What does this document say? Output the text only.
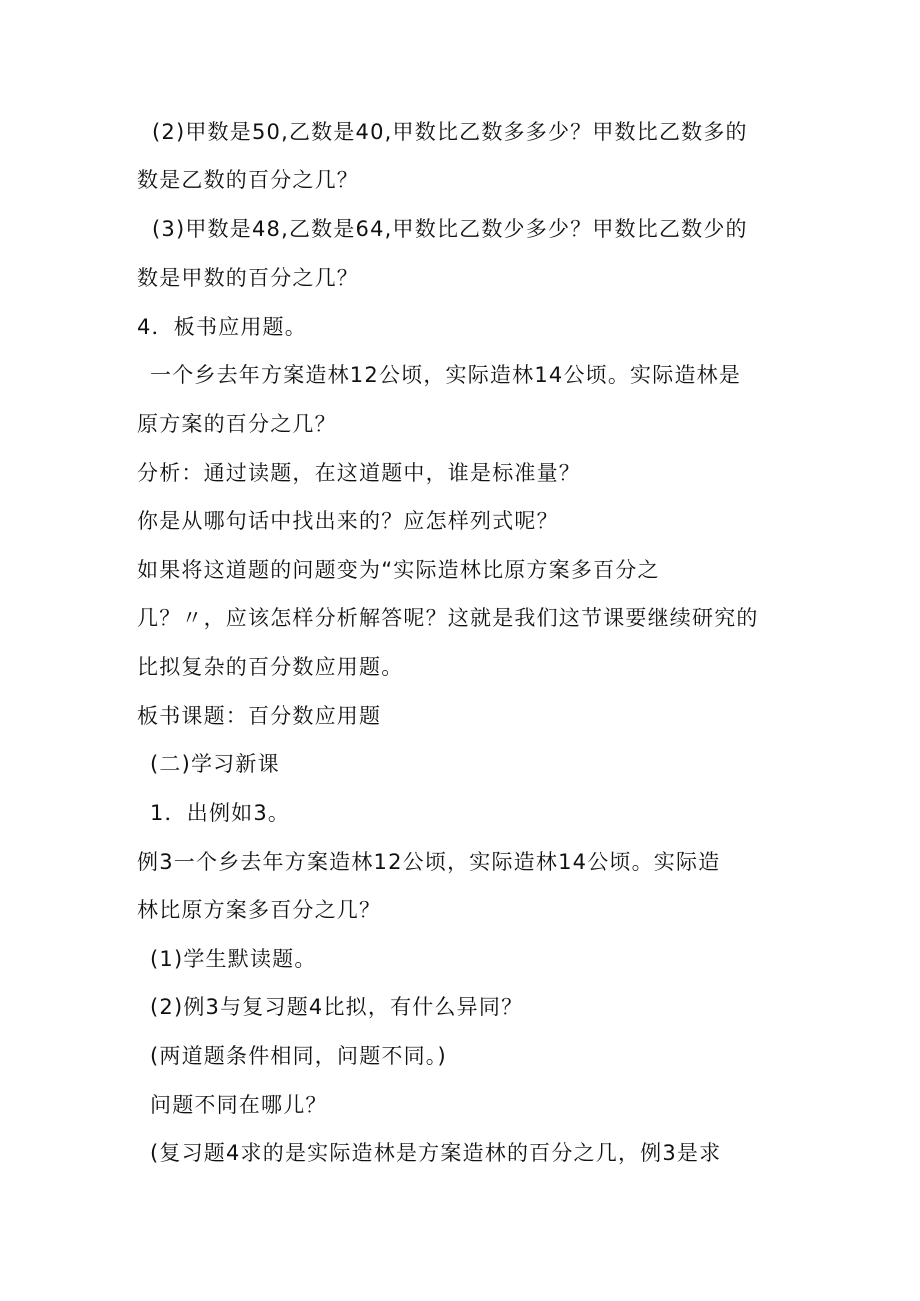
(2)甲数是50,乙数是40,甲数比乙数多多少？甲数比乙数多的
数是乙数的百分之几？
(3)甲数是48,乙数是64,甲数比乙数少多少？甲数比乙数少的
数是甲数的百分之几？
4．板书应用题。
一个乡去年方案造林12公顷，实际造林14公顷。实际造林是
原方案的百分之几？
分析：通过读题，在这道题中，谁是标准量？
你是从哪句话中找出来的？应怎样列式呢？
如果将这道题的问题变为“实际造林比原方案多百分之
几？〃，应该怎样分析解答呢？这就是我们这节课要继续研究的
比拟复杂的百分数应用题。
板书课题：百分数应用题
(二)学习新课
1．出例如3。
例3一个乡去年方案造林12公顷，实际造林14公顷。实际造
林比原方案多百分之几？
(1)学生默读题。
(2)例3与复习题4比拟，有什么异同？
(两道题条件相同，问题不同。)
问题不同在哪儿？
(复习题4求的是实际造林是方案造林的百分之几，例3是求
